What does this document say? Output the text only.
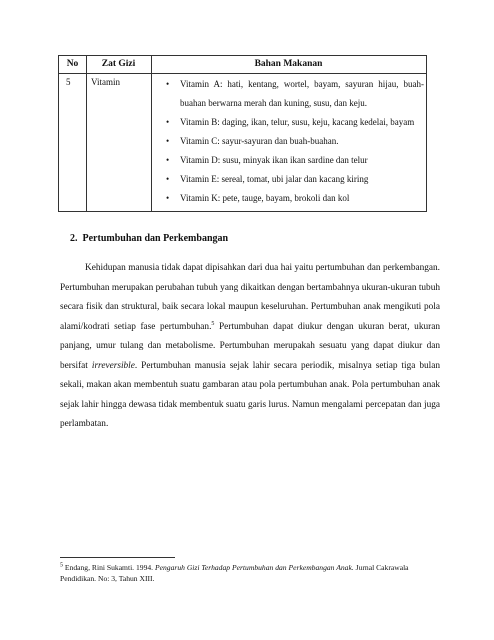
No	Zat Gizi	Bahan Makanan
5 Vitamin	• Vitamin A: hati, kentang, wortel, bayam, sayuran hijau, buah-buahan berwarna merah dan kuning, susu, dan keju.
• Vitamin B: daging, ikan, telur, susu, keju, kacang kedelai, bayam
• Vitamin C: sayur-sayuran dan buah-buahan.
• Vitamin D: susu, minyak ikan ikan sardine dan telur
• Vitamin E: sereal, tomat, ubi jalar dan kacang kiring
• Vitamin K: pete, tauge, bayam, brokoli dan kol
2. Pertumbuhan dan Perkembangan

Kehidupan manusia tidak dapat dipisahkan dari dua hai yaitu pertumbuhan dan perkembangan. Pertumbuhan merupakan perubahan tubuh yang dikaitkan dengan bertambahnya ukuran-ukuran tubuh secara fisik dan struktural, baik secara lokal maupun keseluruhan. Pertumbuhan anak mengikuti pola alami/kodrati setiap fase pertumbuhan.$^5$ Pertumbuhan dapat diukur dengan ukuran berat, ukuran panjang, umur tulang dan metabolisme. Pertumbuhan merupakah sesuatu yang dapat diukur dan bersifat irreversible. Pertumbuhan manusia sejak lahir secara periodik, misalnya setiap tiga bulan sekali, makan akan membentuh suatu gambaran atau pola pertumbuhan anak. Pola pertumbuhan anak sejak lahir hingga dewasa tidak membentuk suatu garis lurus. Namun mengalami percepatan dan juga perlambatan.

$^5$ Endang, Rini Sukamti. 1994. Pengaruh Gizi Terhadap Pertumbuhan dan Perkembangan Anak. Jurnal Cakrawala Pendidikan. No: 3, Tahun XIII.
